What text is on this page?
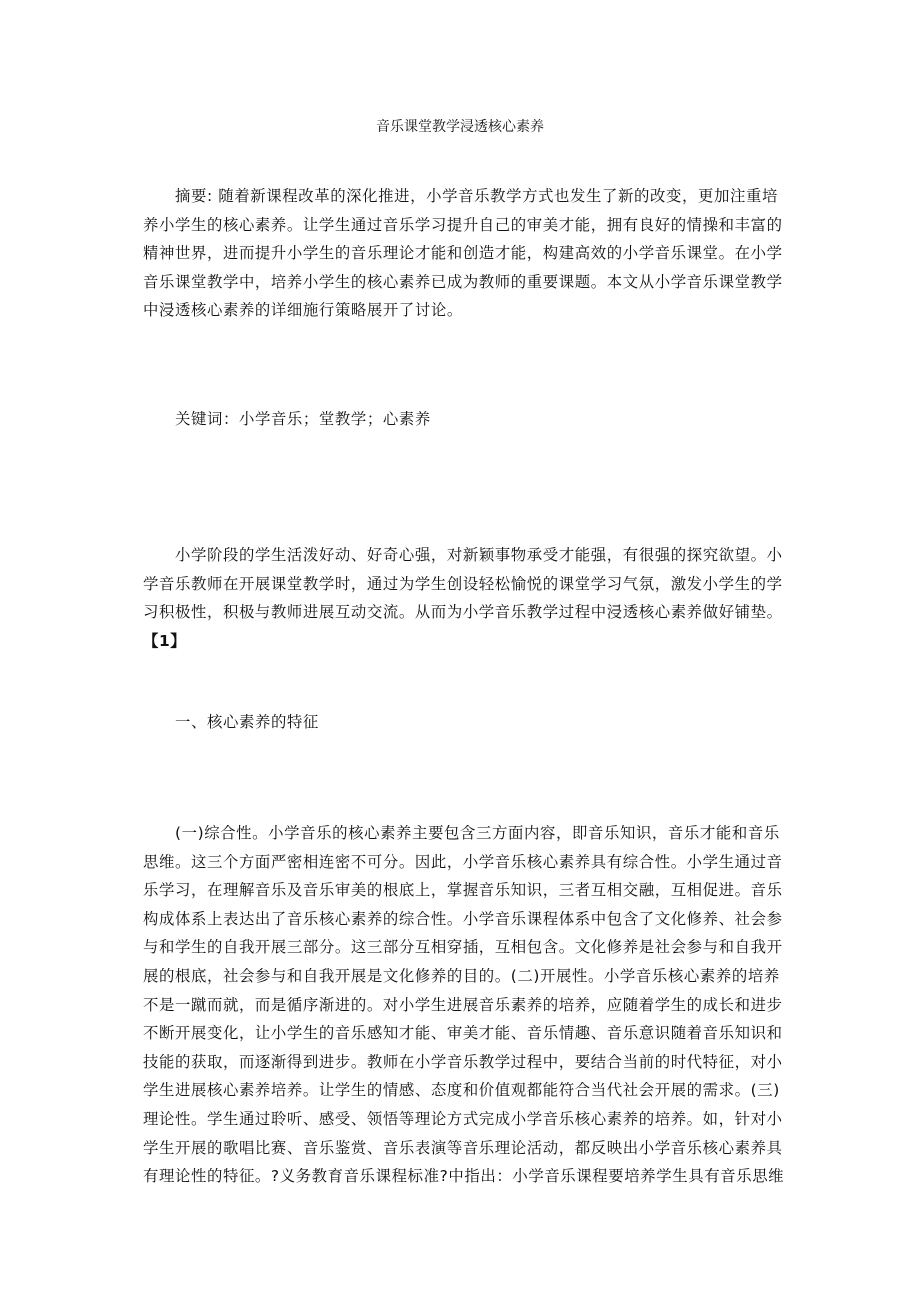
音乐课堂教学浸透核心素养
摘要: 随着新课程改革的深化推进，小学音乐教学方式也发生了新的改变，更加注重培
养小学生的核心素养。让学生通过音乐学习提升自己的审美才能，拥有良好的情操和丰富的
精神世界，进而提升小学生的音乐理论才能和创造才能，构建高效的小学音乐课堂。在小学
音乐课堂教学中，培养小学生的核心素养已成为教师的重要课题。本文从小学音乐课堂教学
中浸透核心素养的详细施行策略展开了讨论。
关键词：小学音乐；堂教学；心素养
小学阶段的学生活泼好动、好奇心强，对新颖事物承受才能强，有很强的探究欲望。小
学音乐教师在开展课堂教学时，通过为学生创设轻松愉悦的课堂学习气氛，激发小学生的学
习积极性，积极与教师进展互动交流。从而为小学音乐教学过程中浸透核心素养做好铺垫。
【1】
一、核心素养的特征
(一)综合性。小学音乐的核心素养主要包含三方面内容，即音乐知识，音乐才能和音乐
思维。这三个方面严密相连密不可分。因此，小学音乐核心素养具有综合性。小学生通过音
乐学习，在理解音乐及音乐审美的根底上，掌握音乐知识，三者互相交融，互相促进。音乐
构成体系上表达出了音乐核心素养的综合性。小学音乐课程体系中包含了文化修养、社会参
与和学生的自我开展三部分。这三部分互相穿插，互相包含。文化修养是社会参与和自我开
展的根底，社会参与和自我开展是文化修养的目的。(二)开展性。小学音乐核心素养的培养
不是一蹴而就，而是循序渐进的。对小学生进展音乐素养的培养，应随着学生的成长和进步
不断开展变化，让小学生的音乐感知才能、审美才能、音乐情趣、音乐意识随着音乐知识和
技能的获取，而逐渐得到进步。教师在小学音乐教学过程中，要结合当前的时代特征，对小
学生进展核心素养培养。让学生的情感、态度和价值观都能符合当代社会开展的需求。(三)
理论性。学生通过聆听、感受、领悟等理论方式完成小学音乐核心素养的培养。如，针对小
学生开展的歌唱比赛、音乐鉴赏、音乐表演等音乐理论活动，都反映出小学音乐核心素养具
有理论性的特征。?义务教育音乐课程标准?中指出：小学音乐课程要培养学生具有音乐思维
